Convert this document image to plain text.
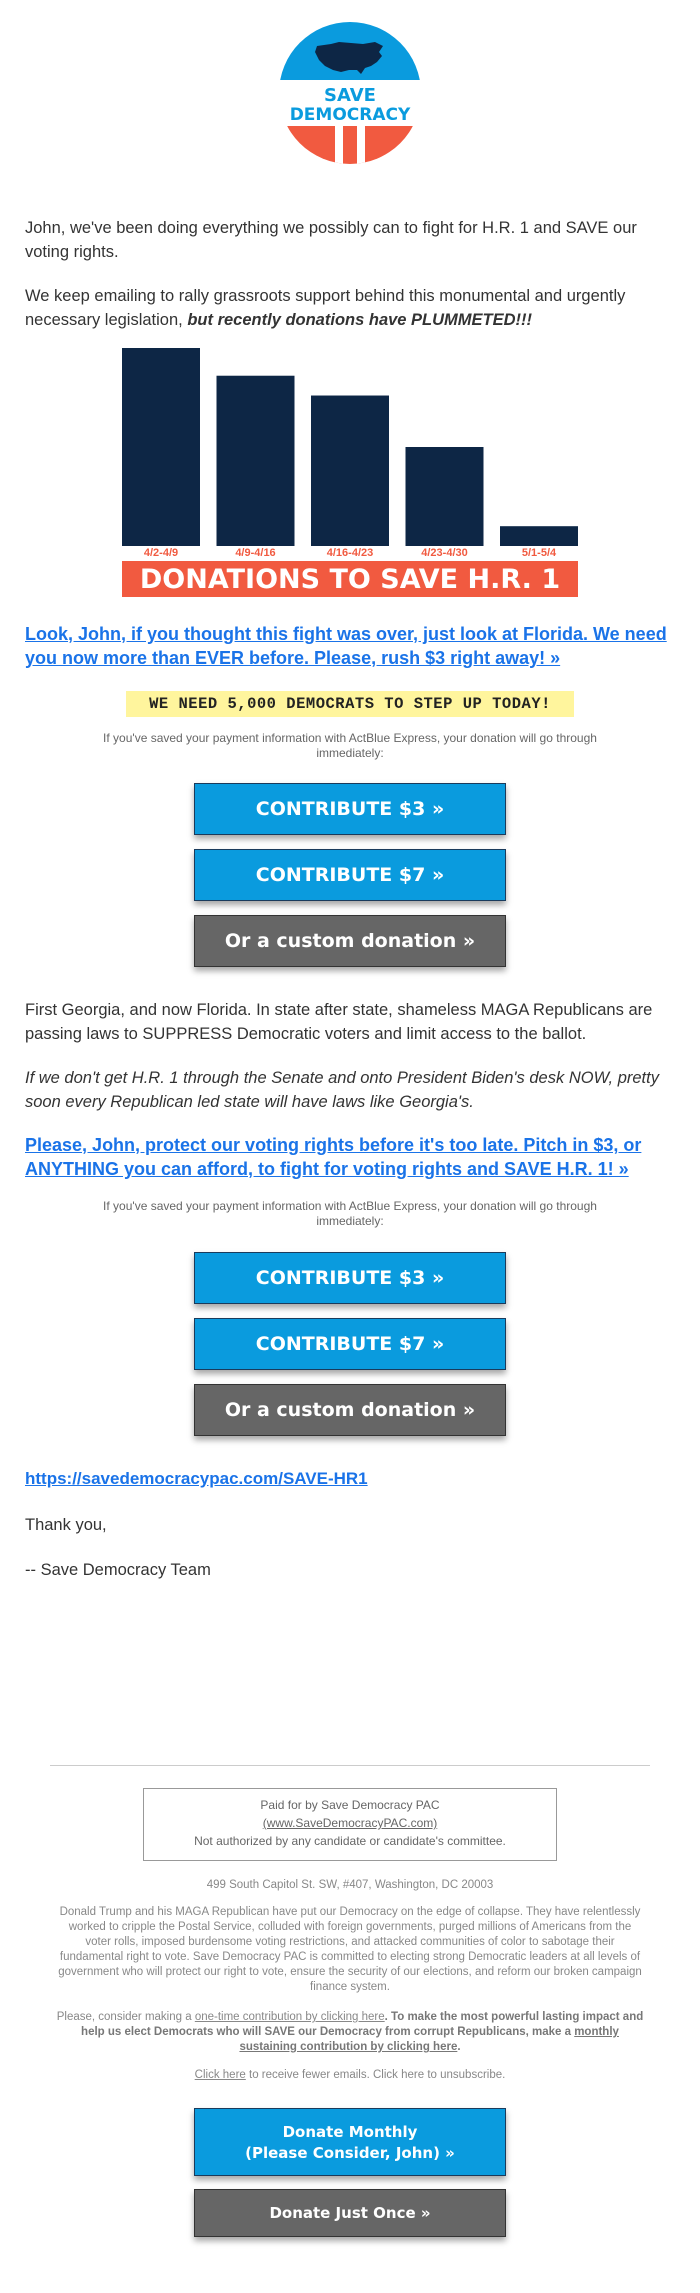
SAVE
DEMOCRACY

John, we've been doing everything we possibly can to fight for H.R. 1 and SAVE our voting rights.

We keep emailing to rally grassroots support behind this monumental and urgently necessary legislation, but recently donations have PLUMMETED!!!

4/2-4/9	4/9-4/16	4/16-4/23	4/23-4/30	5/1-5/4
DONATIONS TO SAVE H.R. 1
Look, John, if you thought this fight was over, just look at Florida. We need you now more than EVER before. Please, rush $3 right away! »
WE NEED 5,000 DEMOCRATS TO STEP UP TODAY!

If you've saved your payment information with ActBlue Express, your donation will go through immediately:

CONTRIBUTE $3 »
CONTRIBUTE $7 »
Or a custom donation »

First Georgia, and now Florida. In state after state, shameless MAGA Republicans are passing laws to SUPPRESS Democratic voters and limit access to the ballot.

If we don't get H.R. 1 through the Senate and onto President Biden's desk NOW, pretty soon every Republican led state will have laws like Georgia's.

Please, John, protect our voting rights before it's too late. Pitch in $3, or ANYTHING you can afford, to fight for voting rights and SAVE H.R. 1! »

If you've saved your payment information with ActBlue Express, your donation will go through immediately:

CONTRIBUTE $3 »
CONTRIBUTE $7 »
Or a custom donation »
https://savedemocracypac.com/SAVE-HR1

Thank you,

-- Save Democracy Team

Paid for by Save Democracy PAC
(www.SaveDemocracyPAC.com)
Not authorized by any candidate or candidate's committee.

499 South Capitol St. SW, #407, Washington, DC 20003

Donald Trump and his MAGA Republican have put our Democracy on the edge of collapse. They have relentlessly worked to cripple the Postal Service, colluded with foreign governments, purged millions of Americans from the voter rolls, imposed burdensome voting restrictions, and attacked communities of color to sabotage their fundamental right to vote. Save Democracy PAC is committed to electing strong Democratic leaders at all levels of government who will protect our right to vote, ensure the security of our elections, and reform our broken campaign finance system.

Please, consider making a one-time contribution by clicking here. To make the most powerful lasting impact and help us elect Democrats who will SAVE our Democracy from corrupt Republicans, make a monthly sustaining contribution by clicking here.

Click here to receive fewer emails. Click here to unsubscribe.

Donate Monthly
(Please Consider, John) »
Donate Just Once »
